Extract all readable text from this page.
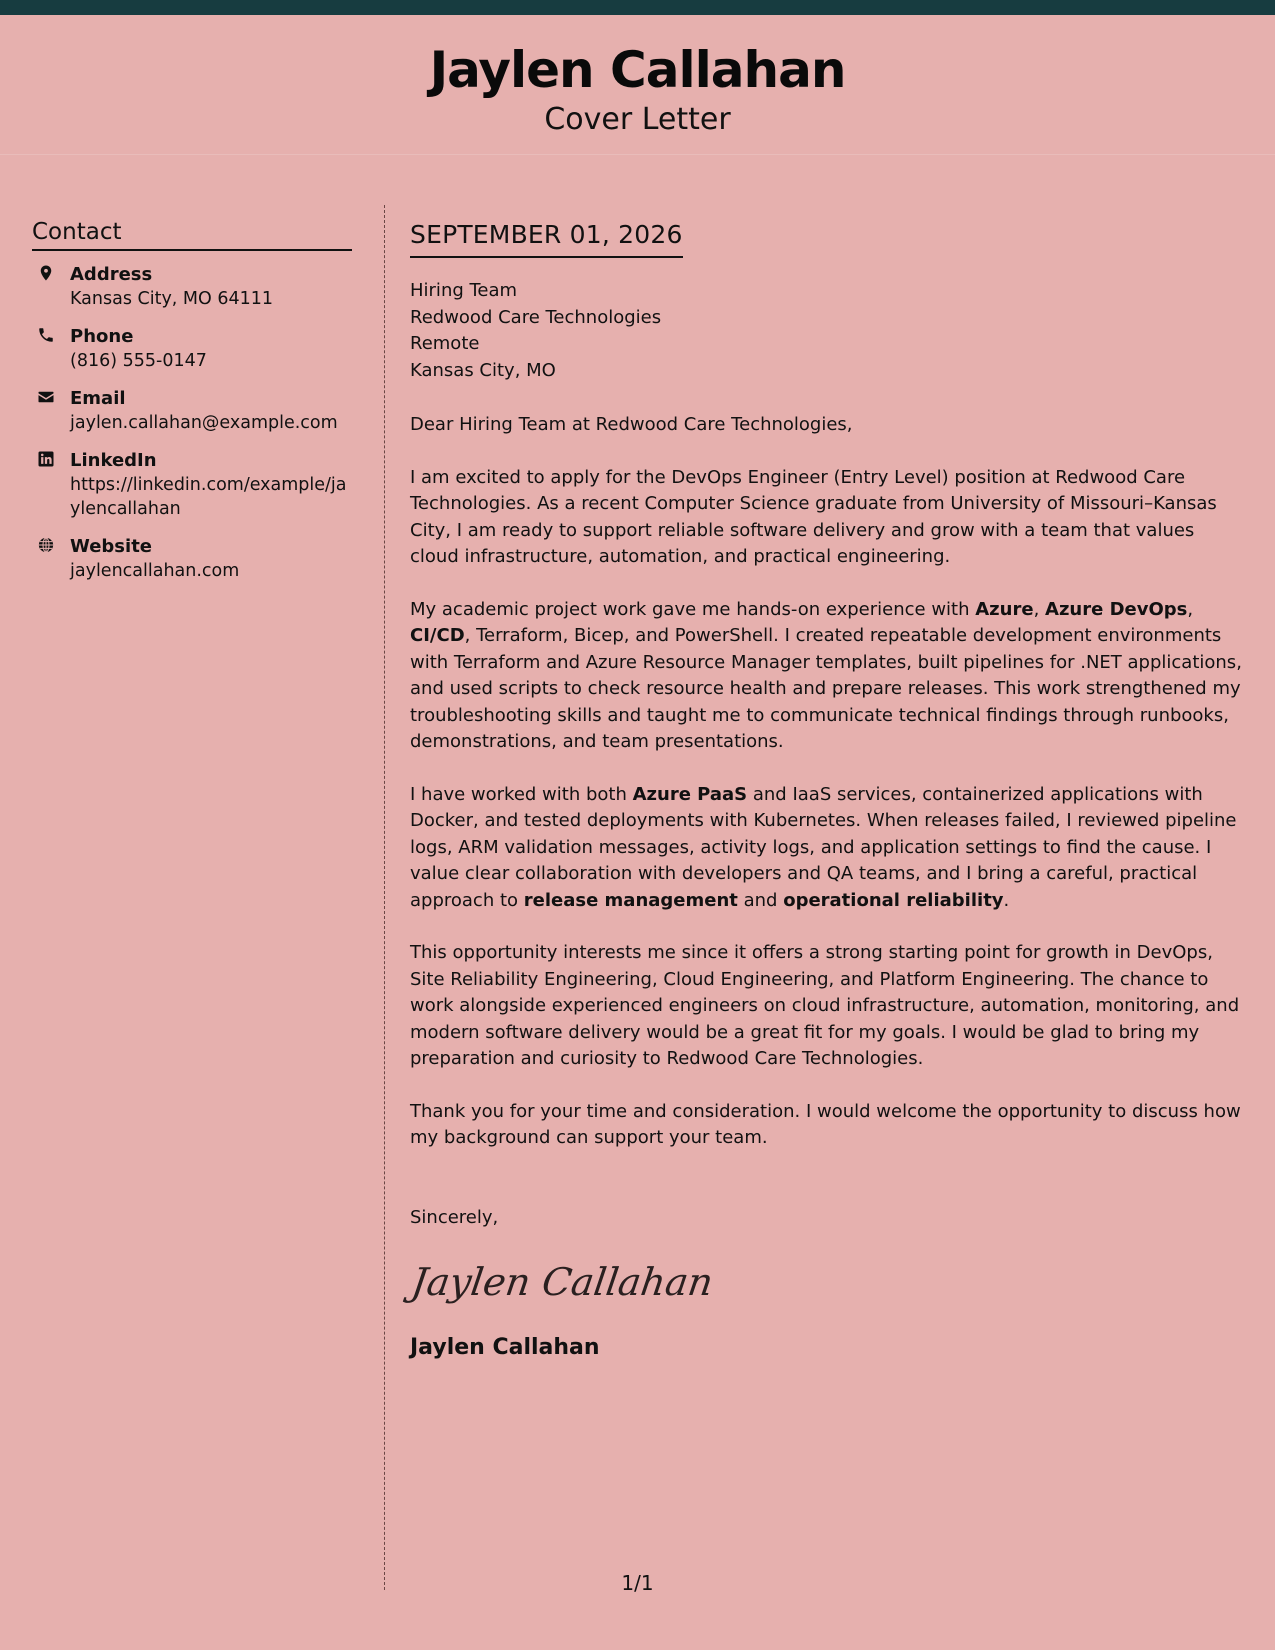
Jaylen Callahan
Cover Letter
Contact
Address
Kansas City, MO 64111
Phone
(816) 555-0147
Email
jaylen.callahan@example.com
LinkedIn
https://linkedin.com/example/jaylencallahan
Website
jaylencallahan.com
SEPTEMBER 01, 2026
Hiring Team
Redwood Care Technologies
Remote
Kansas City, MO
Dear Hiring Team at Redwood Care Technologies,
I am excited to apply for the DevOps Engineer (Entry Level) position at Redwood Care Technologies. As a recent Computer Science graduate from University of Missouri–Kansas City, I am ready to support reliable software delivery and grow with a team that values cloud infrastructure, automation, and practical engineering.
My academic project work gave me hands-on experience with Azure, Azure DevOps, CI/CD, Terraform, Bicep, and PowerShell. I created repeatable development environments with Terraform and Azure Resource Manager templates, built pipelines for .NET applications, and used scripts to check resource health and prepare releases. This work strengthened my troubleshooting skills and taught me to communicate technical findings through runbooks, demonstrations, and team presentations.
I have worked with both Azure PaaS and IaaS services, containerized applications with Docker, and tested deployments with Kubernetes. When releases failed, I reviewed pipeline logs, ARM validation messages, activity logs, and application settings to find the cause. I value clear collaboration with developers and QA teams, and I bring a careful, practical approach to release management and operational reliability.
This opportunity interests me since it offers a strong starting point for growth in DevOps, Site Reliability Engineering, Cloud Engineering, and Platform Engineering. The chance to work alongside experienced engineers on cloud infrastructure, automation, monitoring, and modern software delivery would be a great fit for my goals. I would be glad to bring my preparation and curiosity to Redwood Care Technologies.
Thank you for your time and consideration. I would welcome the opportunity to discuss how my background can support your team.
Sincerely,
Jaylen Callahan
Jaylen Callahan
1/1
